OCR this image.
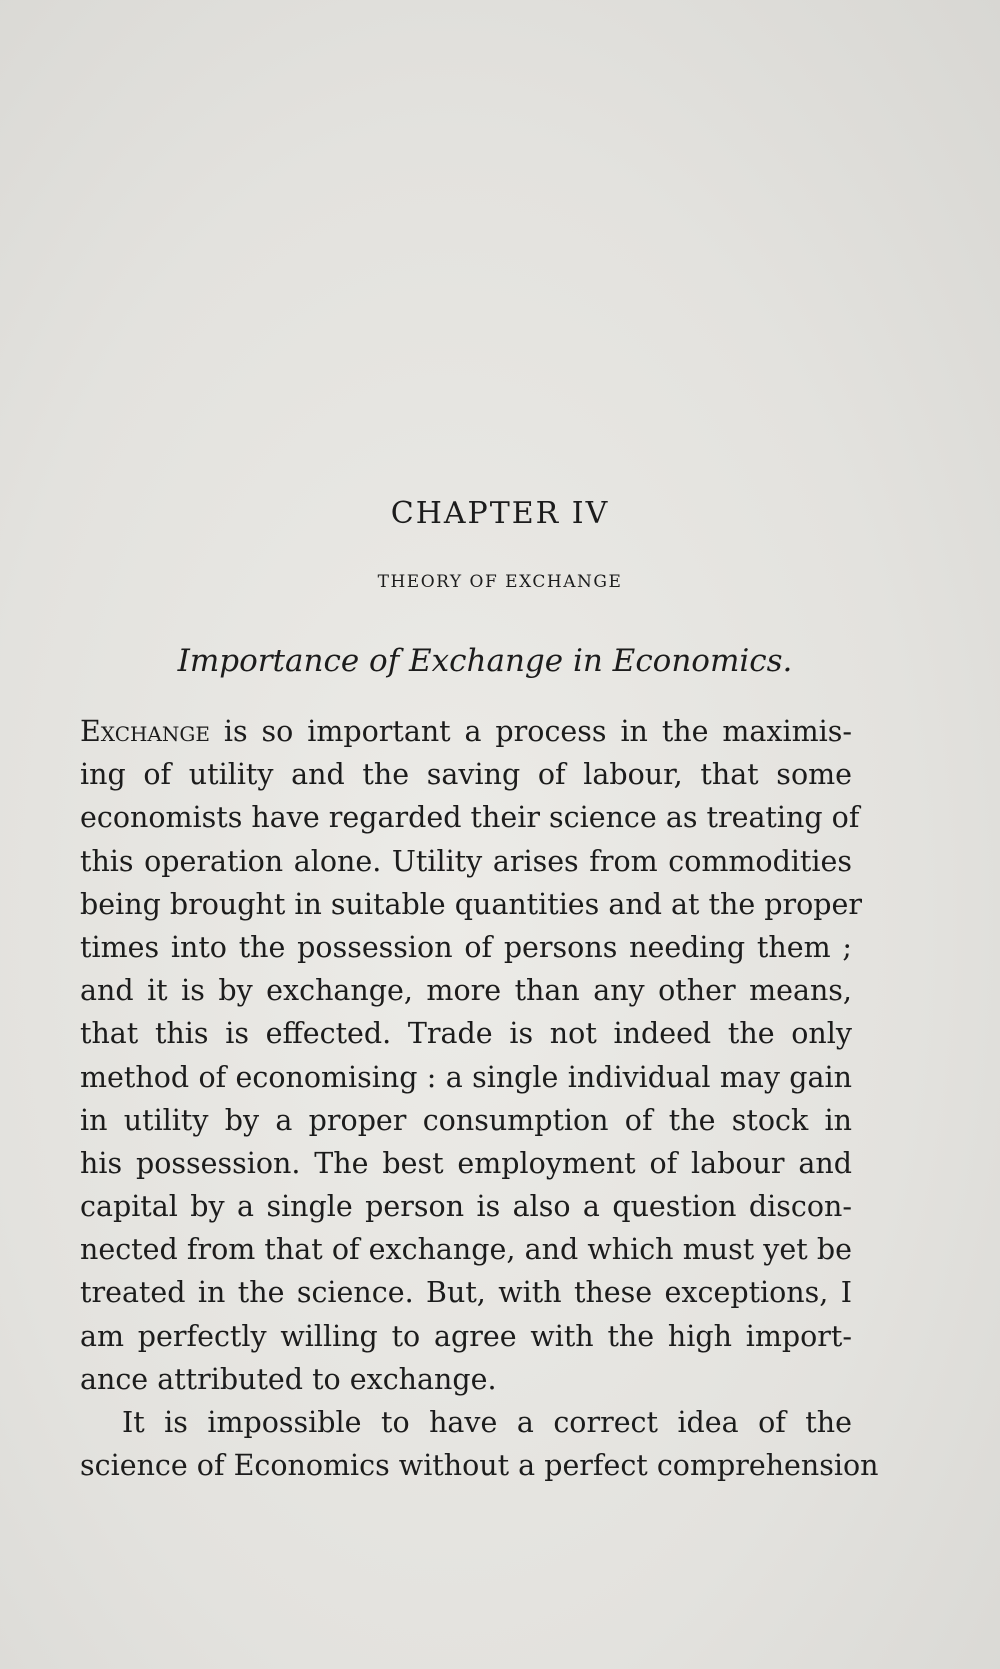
CHAPTER IV
THEORY OF EXCHANGE
Importance of Exchange in Economics.
Exchange is so important a process in the maximis-
ing of utility and the saving of labour, that some
economists have regarded their science as treating of
this operation alone. Utility arises from commodities
being brought in suitable quantities and at the proper
times into the possession of persons needing them ;
and it is by exchange, more than any other means,
that this is effected. Trade is not indeed the only
method of economising : a single individual may gain
in utility by a proper consumption of the stock in
his possession. The best employment of labour and
capital by a single person is also a question discon-
nected from that of exchange, and which must yet be
treated in the science. But, with these exceptions, I
am perfectly willing to agree with the high import-
ance attributed to exchange.
It is impossible to have a correct idea of the
science of Economics without a perfect comprehension
